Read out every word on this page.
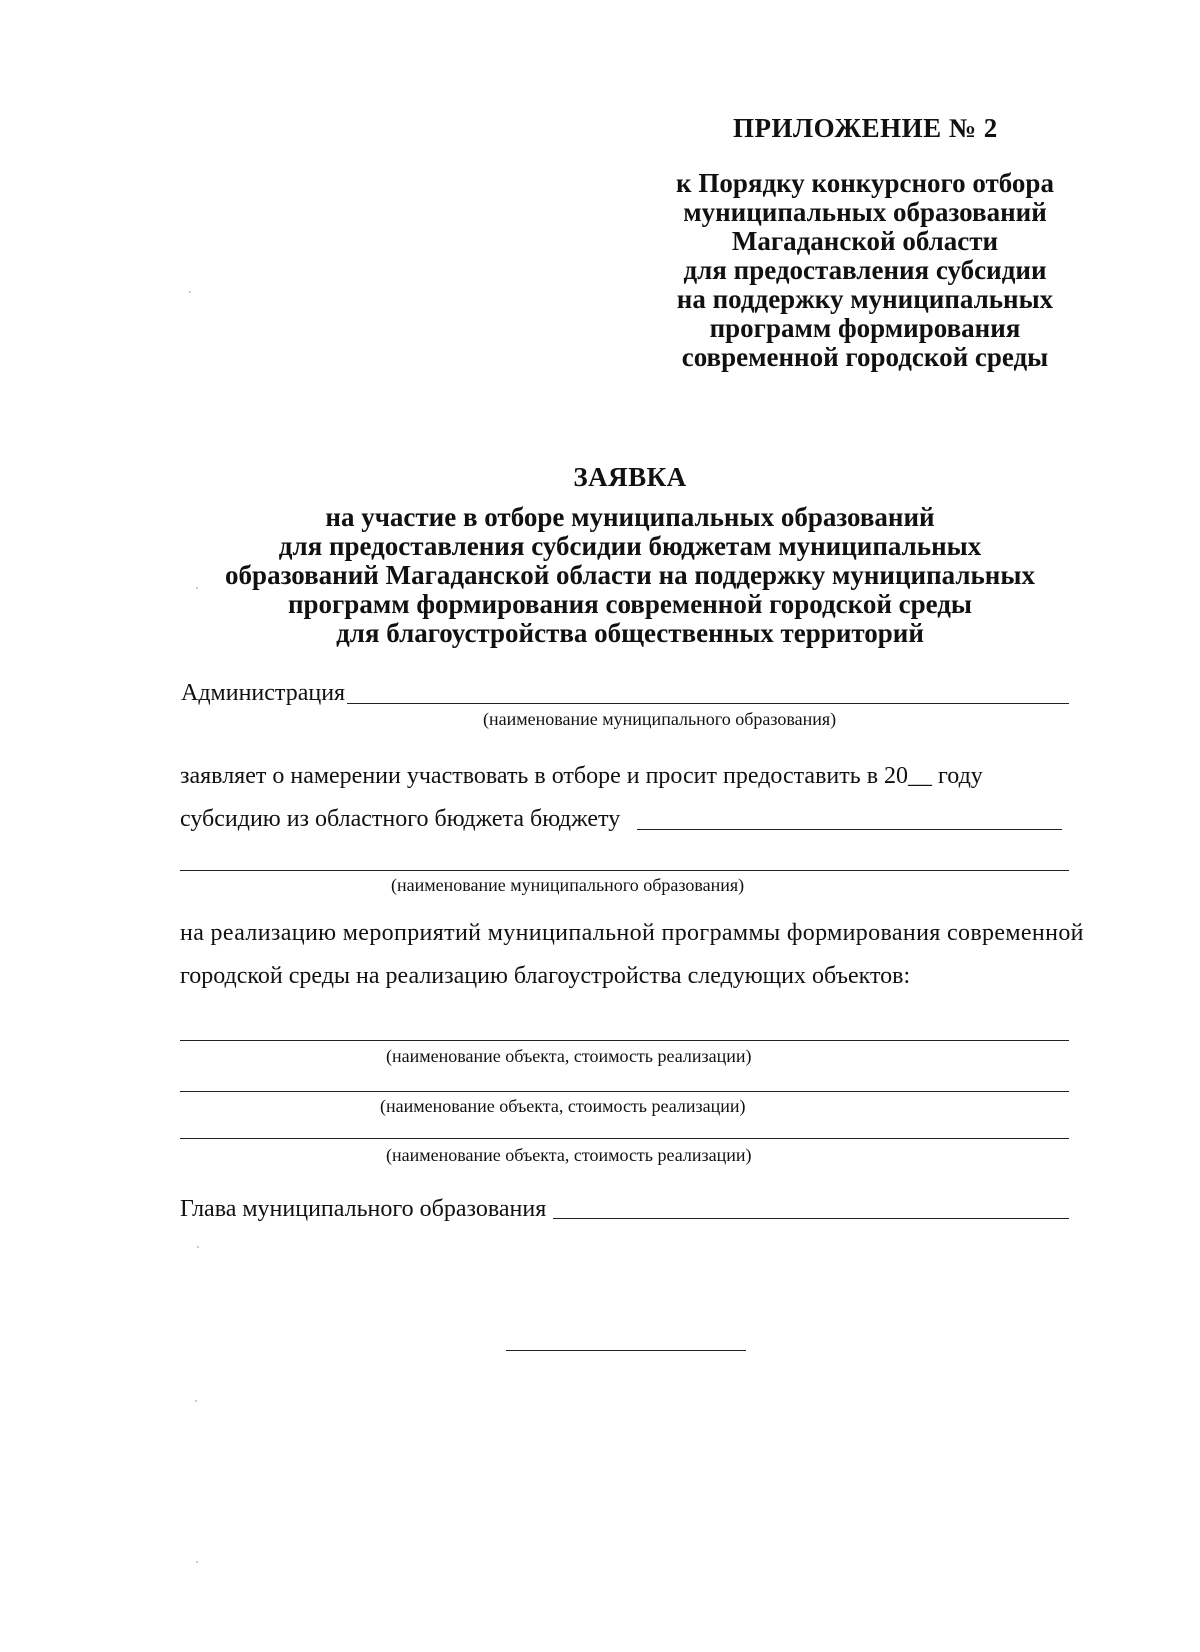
ПРИЛОЖЕНИЕ № 2
к Порядку конкурсного отбора
муниципальных образований
Магаданской области
для предоставления субсидии
на поддержку муниципальных
программ формирования
современной городской среды
ЗАЯВКА
на участие в отборе муниципальных образований
для предоставления субсидии бюджетам муниципальных
образований Магаданской области на поддержку муниципальных
программ формирования современной городской среды
для благоустройства общественных территорий
Администрация
(наименование муниципального образования)
заявляет о намерении участвовать в отборе и просит предоставить в 20__ году
субсидию из областного бюджета бюджету
(наименование муниципального образования)
на реализацию мероприятий муниципальной программы формирования современной
городской среды на реализацию благоустройства следующих объектов:
(наименование объекта, стоимость реализации)
(наименование объекта, стоимость реализации)
(наименование объекта, стоимость реализации)
Глава муниципального образования
